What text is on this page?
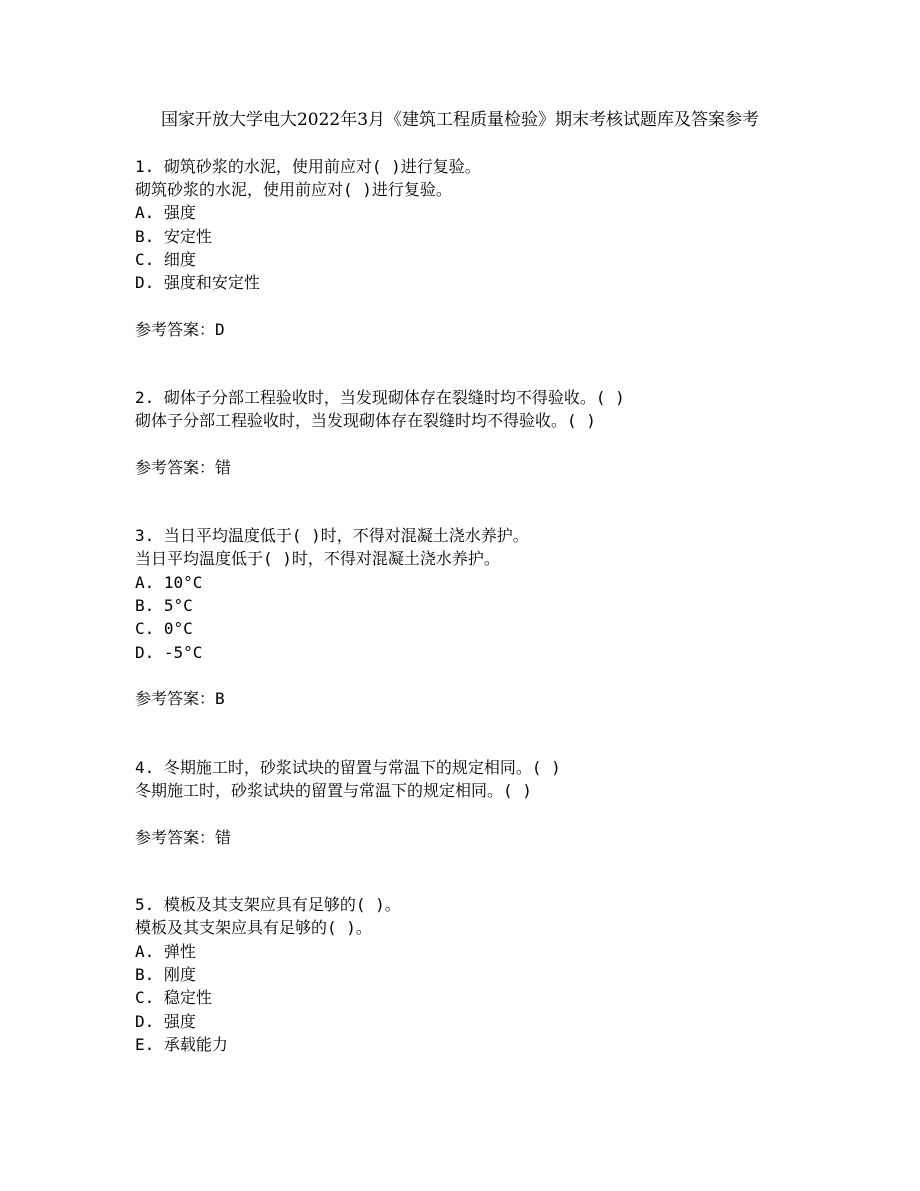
国家开放大学电大2022年3月《建筑工程质量检验》期末考核试题库及答案参考
1. 砌筑砂浆的水泥，使用前应对( )进行复验。
砌筑砂浆的水泥，使用前应对( )进行复验。
A. 强度
B. 安定性
C. 细度
D. 强度和安定性
参考答案：D
2. 砌体子分部工程验收时，当发现砌体存在裂缝时均不得验收。( )
砌体子分部工程验收时，当发现砌体存在裂缝时均不得验收。( )
参考答案：错
3. 当日平均温度低于( )时，不得对混凝土浇水养护。
当日平均温度低于( )时，不得对混凝土浇水养护。
A. 10°C
B. 5°C
C. 0°C
D. -5°C
参考答案：B
4. 冬期施工时，砂浆试块的留置与常温下的规定相同。( )
冬期施工时，砂浆试块的留置与常温下的规定相同。( )
参考答案：错
5. 模板及其支架应具有足够的( )。
模板及其支架应具有足够的( )。
A. 弹性
B. 刚度
C. 稳定性
D. 强度
E. 承载能力
